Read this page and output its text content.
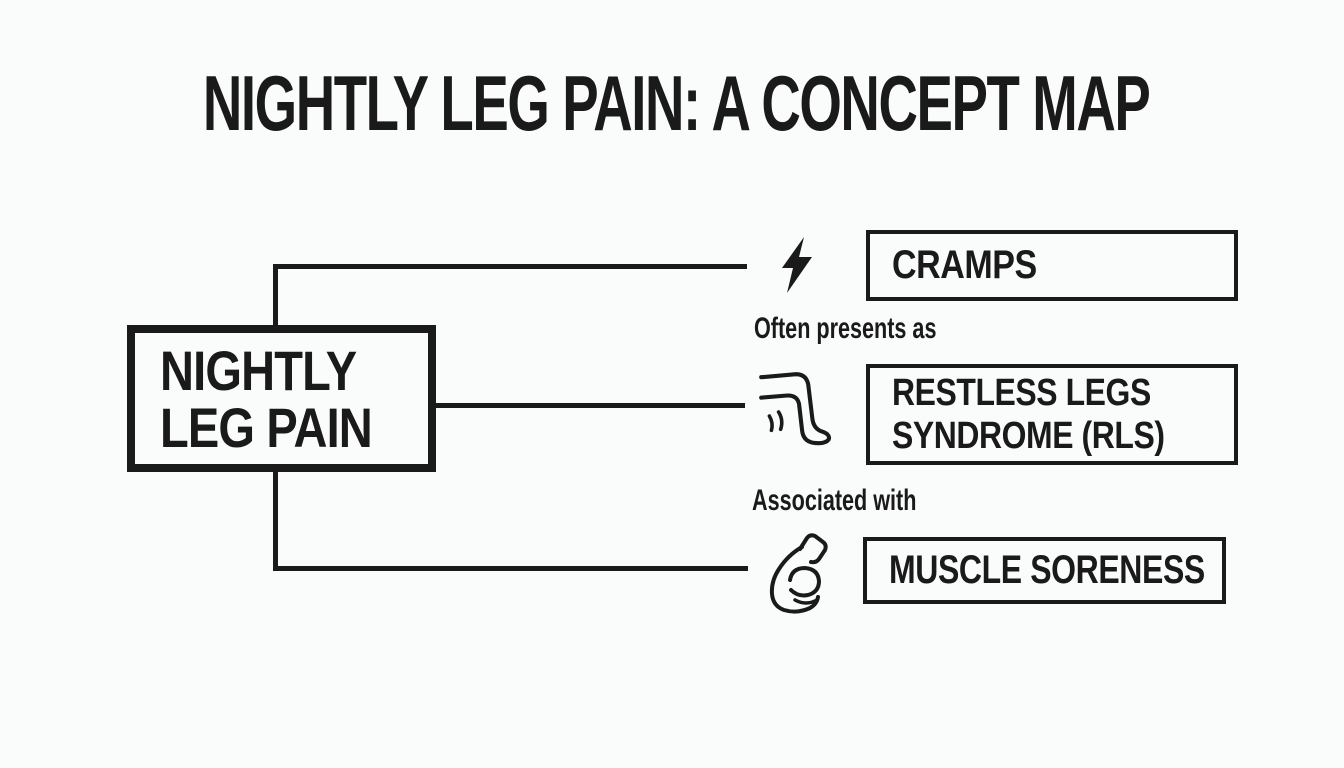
NIGHTLY LEG PAIN: A CONCEPT MAP
NIGHTLY
LEG PAIN
CRAMPS
Often presents as
RESTLESS LEGS
SYNDROME (RLS)
Associated with
MUSCLE SORENESS
